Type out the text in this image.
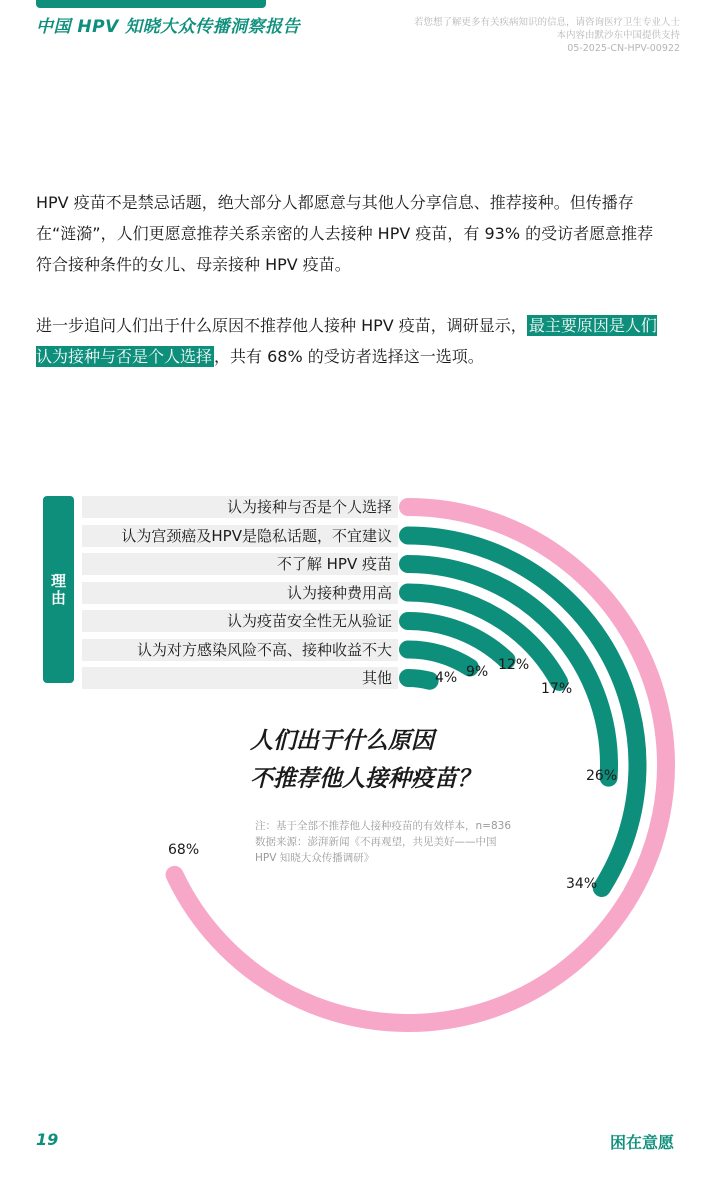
中国 HPV 知晓大众传播洞察报告	若您想了解更多有关疾病知识的信息，请咨询医疗卫生专业人士
本内容由默沙东中国提供支持
05-2025-CN-HPV-00922
HPV 疫苗不是禁忌话题，绝大部分人都愿意与其他人分享信息、推荐接种。但传播存在“涟漪”，人们更愿意推荐关系亲密的人去接种 HPV 疫苗，有 93% 的受访者愿意推荐符合接种条件的女儿、母亲接种 HPV 疫苗。
进一步追问人们出于什么原因不推荐他人接种 HPV 疫苗，调研显示， 最主要原因是人们认为接种与否是个人选择 ，共有 68% 的受访者选择这一选项。
理由
认为接种与否是个人选择
认为宫颈癌及HPV是隐私话题，不宜建议
不了解 HPV 疫苗
认为接种费用高
认为疫苗安全性无从验证
认为对方感染风险不高、接种收益不大
其他
68%
34%
26%
17%
12%
9%
4%
人们出于什么原因
不推荐他人接种疫苗？
注：基于全部不推荐他人接种疫苗的有效样本，n=836
数据来源：澎湃新闻《不再观望，共见美好——中国
HPV 知晓大众传播调研》
19	困在意愿
